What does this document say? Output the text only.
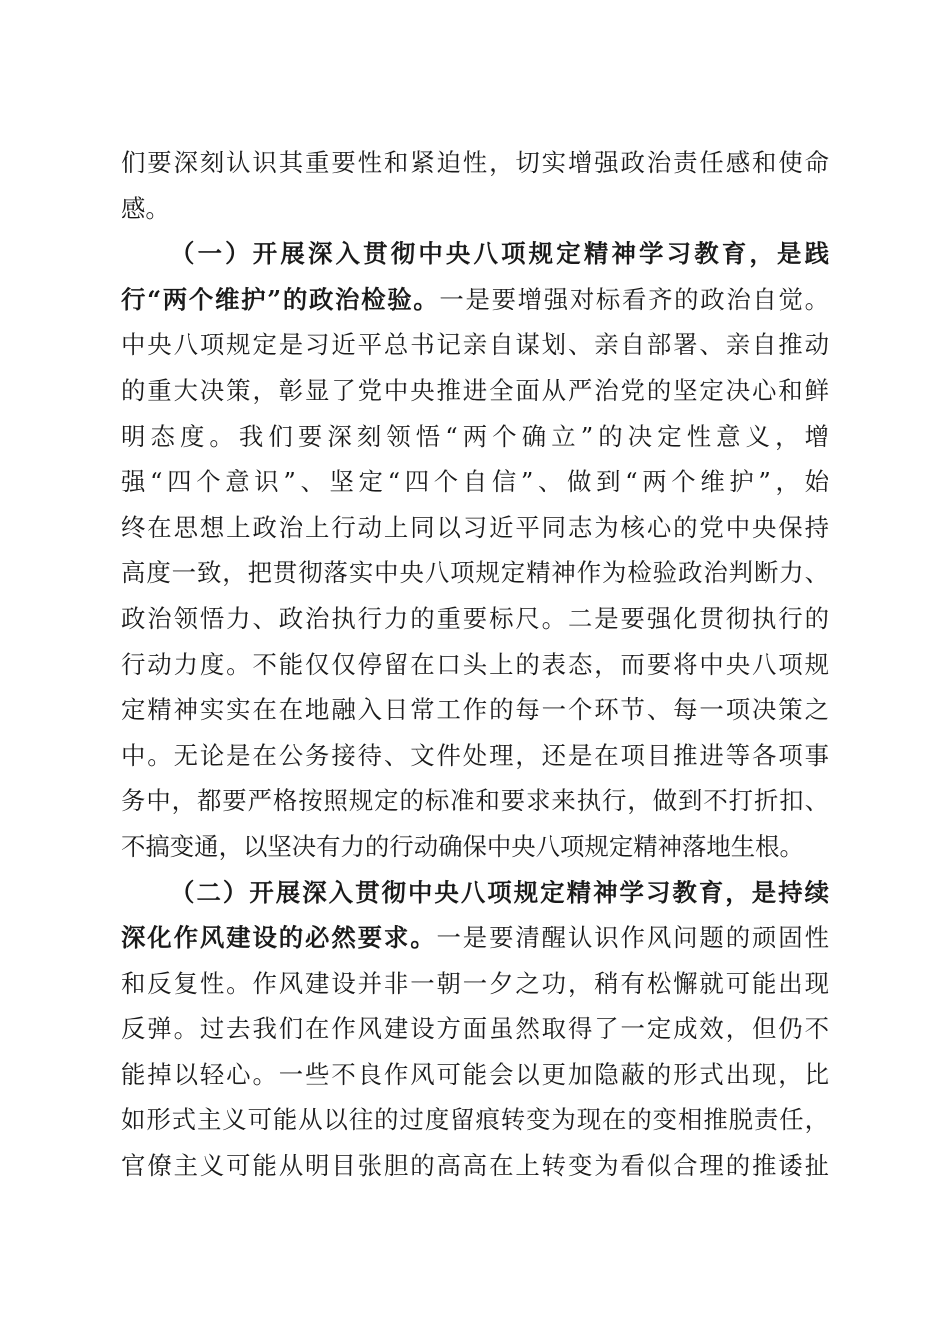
们要深刻认识其重要性和紧迫性，切实增强政治责任感和使命
感。
（一）开展深入贯彻中央八项规定精神学习教育，是践
行“两个维护”的政治检验。一是要增强对标看齐的政治自觉。
中央八项规定是习近平总书记亲自谋划、亲自部署、亲自推动
的重大决策，彰显了党中央推进全面从严治党的坚定决心和鲜
明态度。我们要深刻领悟“两个确立”的决定性意义，增
强“四个意识”、坚定“四个自信”、做到“两个维护”，始
终在思想上政治上行动上同以习近平同志为核心的党中央保持
高度一致，把贯彻落实中央八项规定精神作为检验政治判断力、
政治领悟力、政治执行力的重要标尺。二是要强化贯彻执行的
行动力度。不能仅仅停留在口头上的表态，而要将中央八项规
定精神实实在在地融入日常工作的每一个环节、每一项决策之
中。无论是在公务接待、文件处理，还是在项目推进等各项事
务中，都要严格按照规定的标准和要求来执行，做到不打折扣、
不搞变通，以坚决有力的行动确保中央八项规定精神落地生根。
（二）开展深入贯彻中央八项规定精神学习教育，是持续
深化作风建设的必然要求。一是要清醒认识作风问题的顽固性
和反复性。作风建设并非一朝一夕之功，稍有松懈就可能出现
反弹。过去我们在作风建设方面虽然取得了一定成效，但仍不
能掉以轻心。一些不良作风可能会以更加隐蔽的形式出现，比
如形式主义可能从以往的过度留痕转变为现在的变相推脱责任，
官僚主义可能从明目张胆的高高在上转变为看似合理的推诿扯
